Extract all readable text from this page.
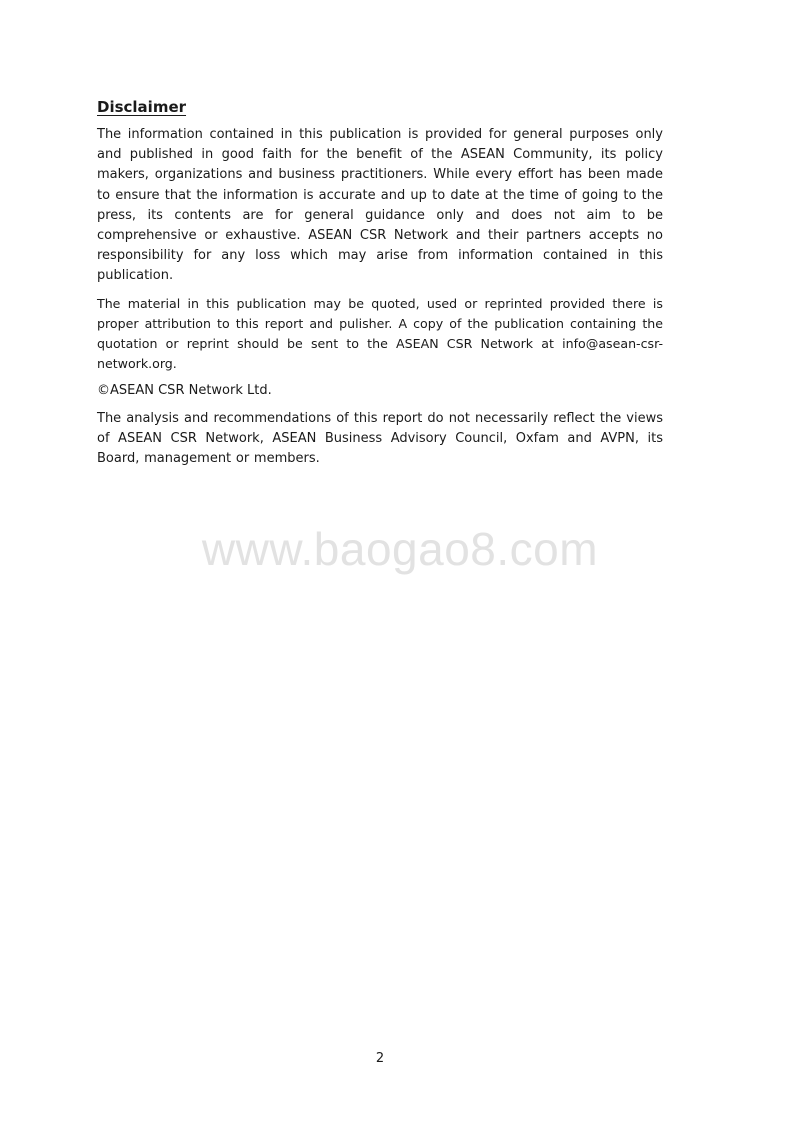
Disclaimer

The information contained in this publication is provided for general purposes only and published in good faith for the benefit of the ASEAN Community, its policy makers, organizations and business practitioners. While every effort has been made to ensure that the information is accurate and up to date at the time of going to the press, its contents are for general guidance only and does not aim to be comprehensive or exhaustive. ASEAN CSR Network and their partners accepts no responsibility for any loss which may arise from information contained in this publication.

The material in this publication may be quoted, used or reprinted provided there is proper attribution to this report and pulisher. A copy of the publication containing the quotation or reprint should be sent to the ASEAN CSR Network at info@asean-csr-network.org.

©ASEAN CSR Network Ltd.

The analysis and recommendations of this report do not necessarily reflect the views of ASEAN CSR Network, ASEAN Business Advisory Council, Oxfam and AVPN, its Board, management or members.

www.baogao8.com
2
